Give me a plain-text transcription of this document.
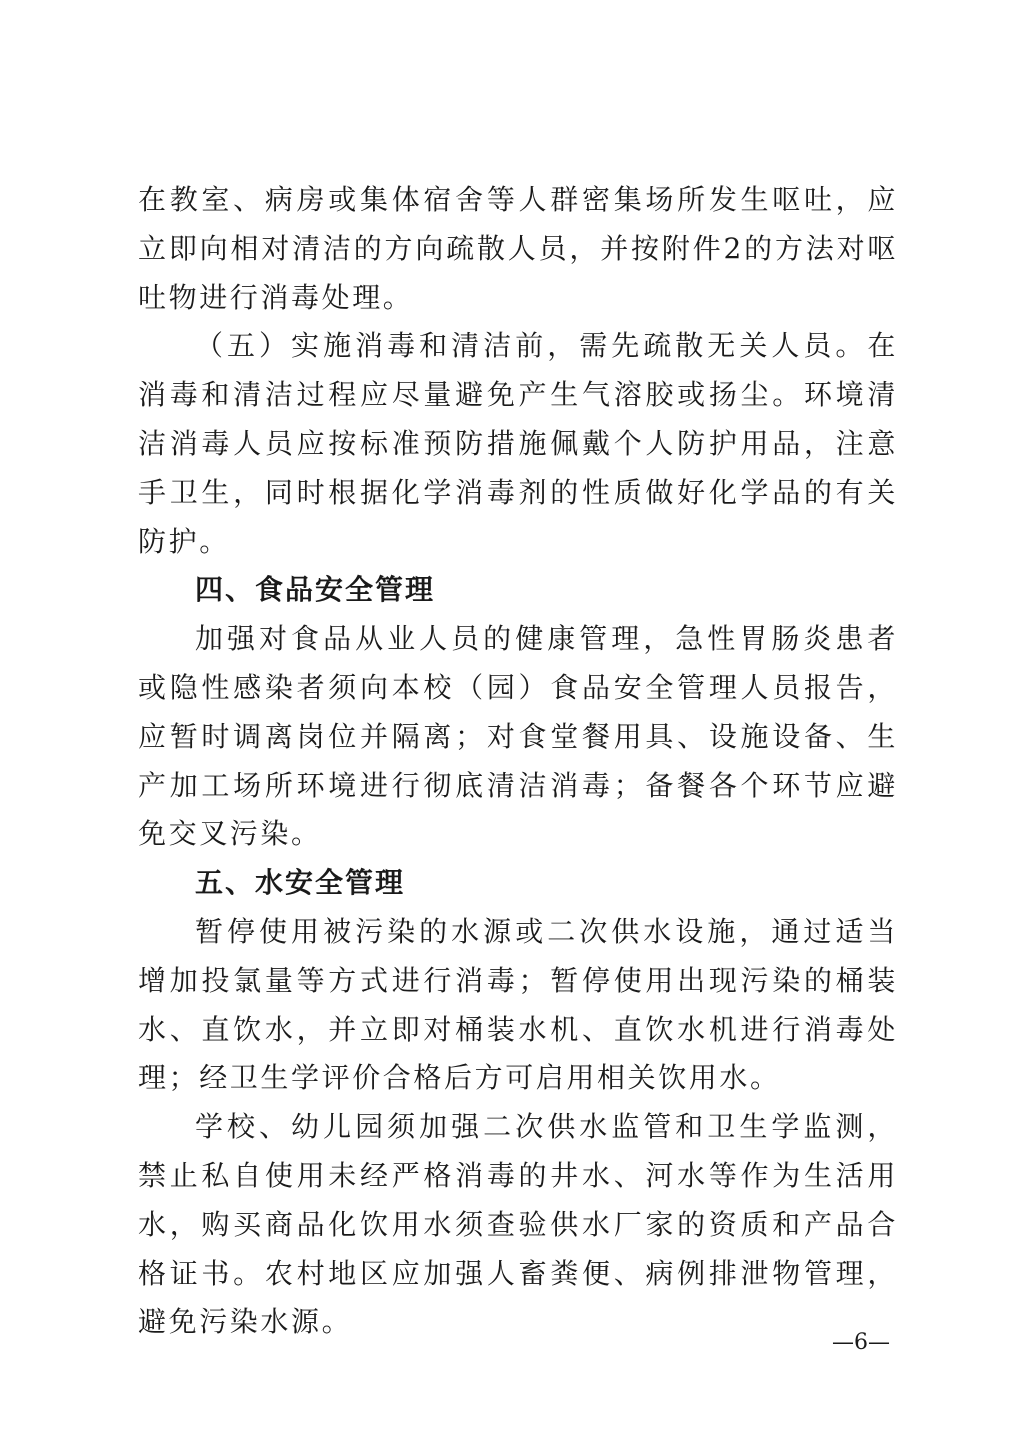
在教室、病房或集体宿舍等人群密集场所发生呕吐，应立即向相对清洁的方向疏散人员，并按附件2的方法对呕吐物进行消毒处理。

（五）实施消毒和清洁前，需先疏散无关人员。在消毒和清洁过程应尽量避免产生气溶胶或扬尘。环境清洁消毒人员应按标准预防措施佩戴个人防护用品，注意手卫生，同时根据化学消毒剂的性质做好化学品的有关防护。

四、食品安全管理

加强对食品从业人员的健康管理，急性胃肠炎患者或隐性感染者须向本校（园）食品安全管理人员报告，应暂时调离岗位并隔离；对食堂餐用具、设施设备、生产加工场所环境进行彻底清洁消毒；备餐各个环节应避免交叉污染。

五、水安全管理

暂停使用被污染的水源或二次供水设施，通过适当增加投氯量等方式进行消毒；暂停使用出现污染的桶装水、直饮水，并立即对桶装水机、直饮水机进行消毒处理；经卫生学评价合格后方可启用相关饮用水。

学校、幼儿园须加强二次供水监管和卫生学监测，禁止私自使用未经严格消毒的井水、河水等作为生活用水，购买商品化饮用水须查验供水厂家的资质和产品合格证书。农村地区应加强人畜粪便、病例排泄物管理，避免污染水源。

—6—
